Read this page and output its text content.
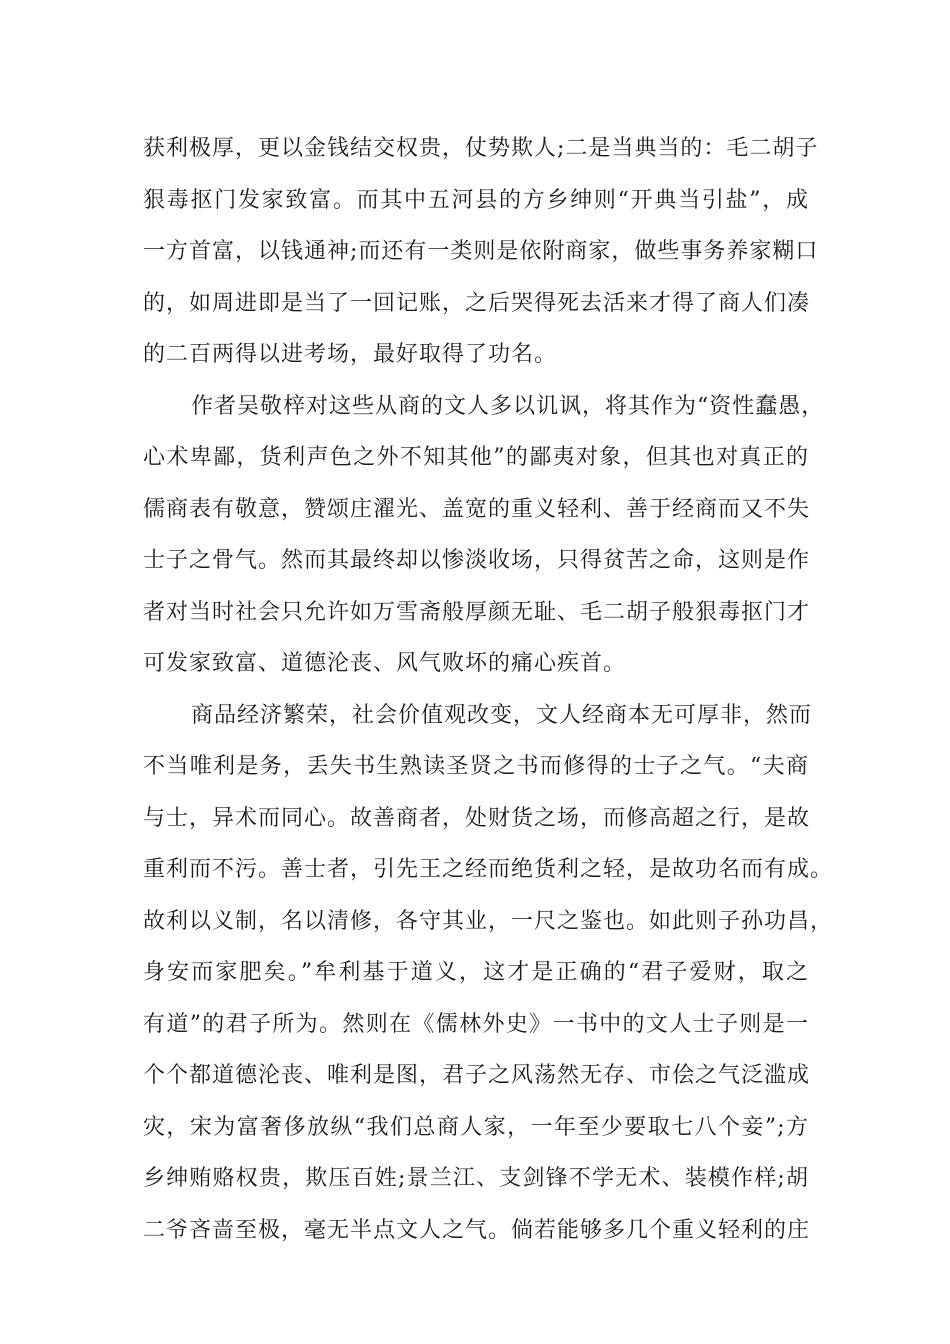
获利极厚，更以金钱结交权贵，仗势欺人;二是当典当的：毛二胡子
狠毒抠门发家致富。而其中五河县的方乡绅则“开典当引盐”，成
一方首富，以钱通神;而还有一类则是依附商家，做些事务养家糊口
的，如周进即是当了一回记账，之后哭得死去活来才得了商人们凑
的二百两得以进考场，最好取得了功名。
作者吴敬梓对这些从商的文人多以讥讽，将其作为“资性蠢愚，
心术卑鄙，货利声色之外不知其他”的鄙夷对象，但其也对真正的
儒商表有敬意，赞颂庄濯光、盖宽的重义轻利、善于经商而又不失
士子之骨气。然而其最终却以惨淡收场，只得贫苦之命，这则是作
者对当时社会只允许如万雪斋般厚颜无耻、毛二胡子般狠毒抠门才
可发家致富、道德沦丧、风气败坏的痛心疾首。
商品经济繁荣，社会价值观改变，文人经商本无可厚非，然而
不当唯利是务，丢失书生熟读圣贤之书而修得的士子之气。“夫商
与士，异术而同心。故善商者，处财货之场，而修高超之行，是故
重利而不污。善士者，引先王之经而绝货利之轻，是故功名而有成。
故利以义制，名以清修，各守其业，一尺之鉴也。如此则子孙功昌，
身安而家肥矣。”牟利基于道义，这才是正确的“君子爱财，取之
有道”的君子所为。然则在《儒林外史》一书中的文人士子则是一
个个都道德沦丧、唯利是图，君子之风荡然无存、市侩之气泛滥成
灾，宋为富奢侈放纵“我们总商人家，一年至少要取七八个妾”;方
乡绅贿赂权贵，欺压百姓;景兰江、支剑锋不学无术、装模作样;胡
二爷吝啬至极，毫无半点文人之气。倘若能够多几个重义轻利的庄
